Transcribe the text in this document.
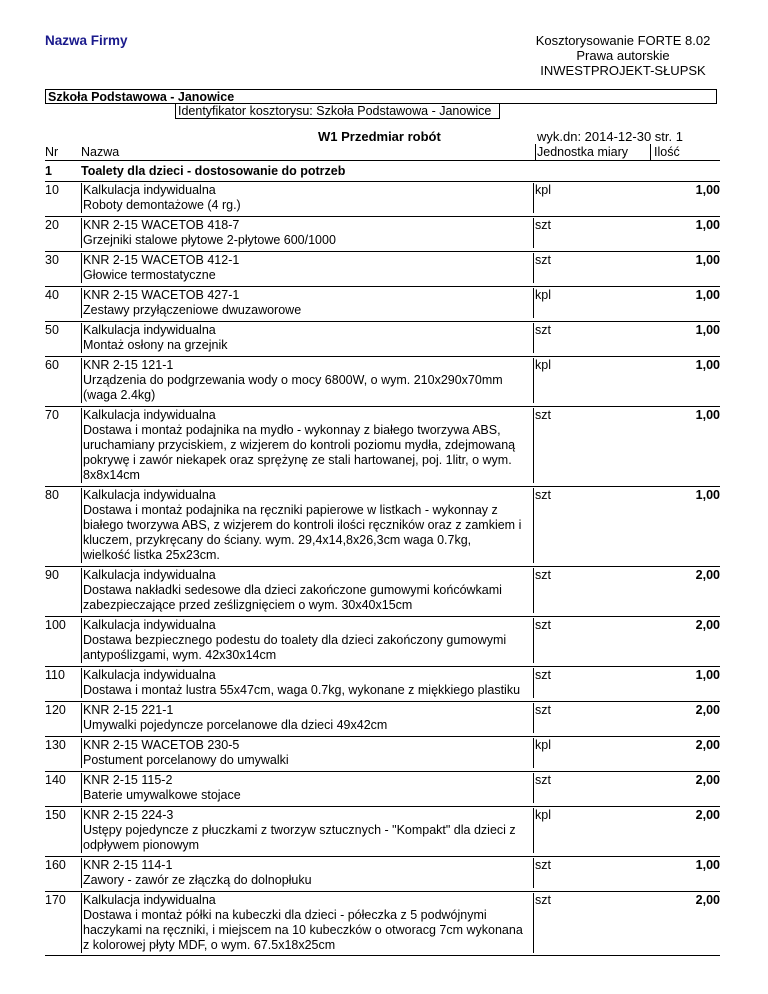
Nazwa Firmy	Kosztorysowanie FORTE 8.02
Prawa autorskie
INWESTPROJEKT-SŁUPSK
Szkoła Podstawowa - Janowice
Identyfikator kosztorysu: Szkoła Podstawowa - Janowice
W1 Przedmiar robót	wyk.dn: 2014-12-30 str. 1
Nr Nazwa	Jednostka miary Ilość
1 Toalety dla dzieci - dostosowanie do potrzeb
10 Kalkulacja indywidualna
Roboty demontażowe (4 rg.)
kpl	1,00
20 KNR 2-15 WACETOB 418-7
Grzejniki stalowe płytowe 2-płytowe 600/1000
szt	1,00
30 KNR 2-15 WACETOB 412-1
Głowice termostatyczne
szt	1,00
40 KNR 2-15 WACETOB 427-1
Zestawy przyłączeniowe dwuzaworowe
kpl	1,00
50 Kalkulacja indywidualna
Montaż osłony na grzejnik
szt	1,00
60 KNR 2-15 121-1
Urządzenia do podgrzewania wody o mocy 6800W, o wym. 210x290x70mm
(waga 2.4kg)
kpl	1,00
70 Kalkulacja indywidualna
Dostawa i montaż podajnika na mydło - wykonnay z białego tworzywa ABS,
uruchamiany przyciskiem, z wizjerem do kontroli poziomu mydła, zdejmowaną
pokrywę i zawór niekapek oraz sprężynę ze stali hartowanej, poj. 1litr, o wym.
8x8x14cm
szt	1,00
80 Kalkulacja indywidualna
Dostawa i montaż podajnika na ręczniki papierowe w listkach - wykonnay z
białego tworzywa ABS, z wizjerem do kontroli ilości ręczników oraz z zamkiem i
kluczem, przykręcany do ściany. wym. 29,4x14,8x26,3cm waga 0.7kg,
wielkość listka 25x23cm.
szt	1,00
90 Kalkulacja indywidualna
Dostawa nakładki sedesowe dla dzieci zakończone gumowymi końcówkami
zabezpieczające przed ześlizgnięciem o wym. 30x40x15cm
szt	2,00
100 Kalkulacja indywidualna
Dostawa bezpiecznego podestu do toalety dla dzieci zakończony gumowymi
antypoślizgami, wym. 42x30x14cm
szt	2,00
110 Kalkulacja indywidualna
Dostawa i montaż lustra 55x47cm, waga 0.7kg, wykonane z miękkiego plastiku
szt	1,00
120 KNR 2-15 221-1
Umywalki pojedyncze porcelanowe dla dzieci 49x42cm
szt	2,00
130 KNR 2-15 WACETOB 230-5
Postument porcelanowy do umywalki
kpl	2,00
140 KNR 2-15 115-2
Baterie umywalkowe stojace
szt	2,00
150 KNR 2-15 224-3
Ustępy pojedyncze z płuczkami z tworzyw sztucznych - "Kompakt" dla dzieci z
odpływem pionowym
kpl	2,00
160 KNR 2-15 114-1
Zawory - zawór ze złączką do dolnopłuku
szt	1,00
170 Kalkulacja indywidualna
Dostawa i montaż półki na kubeczki dla dzieci - półeczka z 5 podwójnymi
haczykami na ręczniki, i miejscem na 10 kubeczków o otworacg 7cm wykonana
z kolorowej płyty MDF, o wym. 67.5x18x25cm
szt	2,00
